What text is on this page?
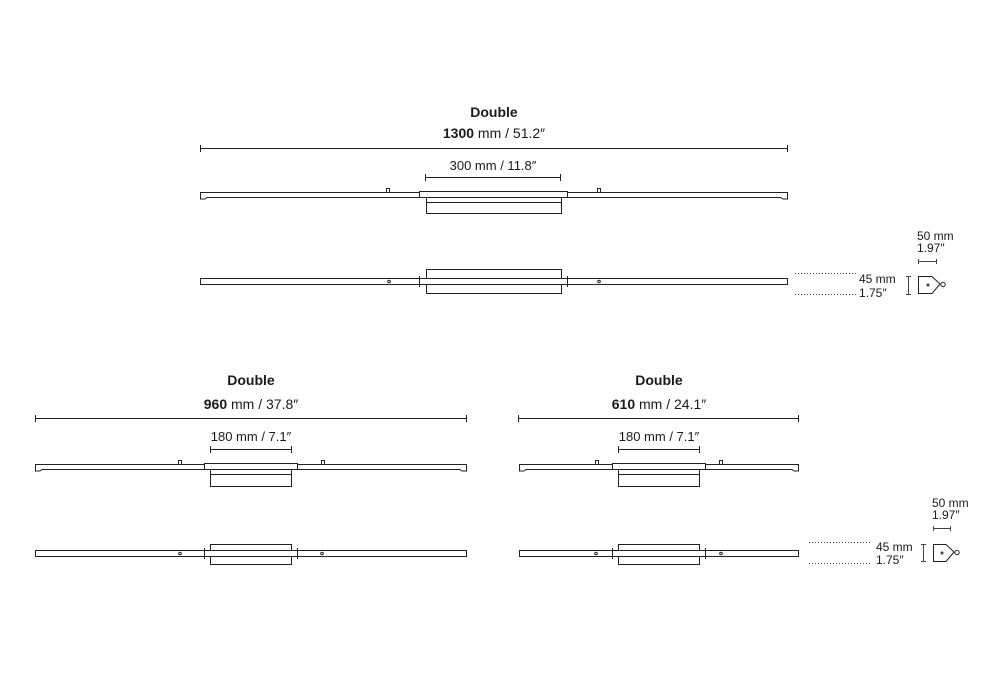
Double
1300 mm / 51.2″
300 mm / 11.8″
50 mm
1.97″
45 mm
1.75″
Double
960 mm / 37.8″
180 mm / 7.1″
Double
610 mm / 24.1″
180 mm / 7.1″
50 mm
1.97″
45 mm
1.75″
